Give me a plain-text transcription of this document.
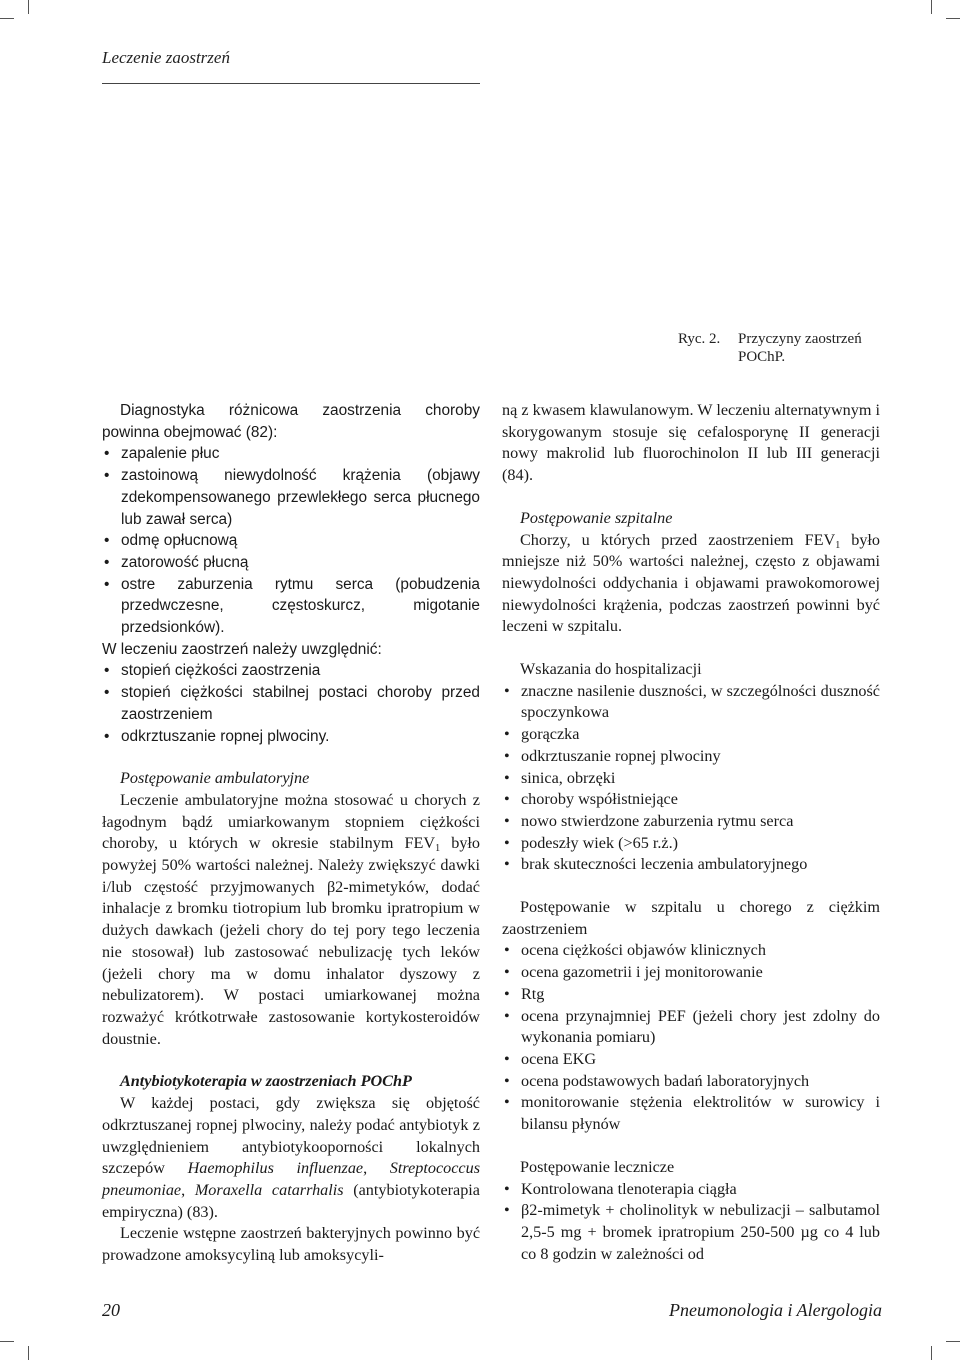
Leczenie zaostrzeń
Ryc. 2. Przyczyny zaostrzeń
POChP.

Diagnostyka różnicowa zaostrzenia choroby powinna obejmować (82):

• zapalenie płuc
• zastoinową niewydolność krążenia (objawy zdekompensowanego przewlekłego serca płucnego lub zawał serca)
• odmę opłucnową
• zatorowość płucną
• ostre zaburzenia rytmu serca (pobudzenia przedwczesne, częstoskurcz, migotanie przedsionków).

W leczeniu zaostrzeń należy uwzględnić:

• stopień ciężkości zaostrzenia
• stopień ciężkości stabilnej postaci choroby przed zaostrzeniem
• odkrztuszanie ropnej plwociny.

Postępowanie ambulatoryjne

Leczenie ambulatoryjne można stosować u chorych z łagodnym bądź umiarkowanym stopniem ciężkości choroby, u których w okresie stabilnym $FEV_1$ było powyżej 50% wartości należnej. Należy zwiększyć dawki i/lub częstość przyjmowanych β2-mimetyków, dodać inhalacje z bromku tiotropium lub bromku ipratropium w dużych dawkach (jeżeli chory do tej pory tego leczenia nie stosował) lub zastosować nebulizację tych leków (jeżeli chory ma w domu inhalator dyszowy z nebulizatorem). W postaci umiarkowanej można rozważyć krótkotrwałe zastosowanie kortykosteroidów doustnie.

Antybiotykoterapia w zaostrzeniach POChP

W każdej postaci, gdy zwiększa się objętość odkrztuszanej ropnej plwociny, należy podać antybiotyk z uwzględnieniem antybiotykooporności lokalnych szczepów Haemophilus influenzae, Streptococcus pneumoniae, Moraxella catarrhalis (antybiotykoterapia empiryczna) (83).

Leczenie wstępne zaostrzeń bakteryjnych powinno być prowadzone amoksycyliną lub amoksycyli-

ną z kwasem klawulanowym. W leczeniu alternatywnym i skorygowanym stosuje się cefalosporynę II generacji nowy makrolid lub fluorochinolon II lub III generacji (84).

Postępowanie szpitalne

Chorzy, u których przed zaostrzeniem $FEV_1$ było mniejsze niż 50% wartości należnej, często z objawami niewydolności oddychania i objawami prawokomorowej niewydolności krążenia, podczas zaostrzeń powinni być leczeni w szpitalu.

Wskazania do hospitalizacji

• znaczne nasilenie duszności, w szczególności duszność spoczynkowa
• gorączka
• odkrztuszanie ropnej plwociny
• sinica, obrzęki
• choroby współistniejące
• nowo stwierdzone zaburzenia rytmu serca
• podeszły wiek (>65 r.ż.)
• brak skuteczności leczenia ambulatoryjnego

Postępowanie w szpitalu u chorego z ciężkim zaostrzeniem

• ocena ciężkości objawów klinicznych
• ocena gazometrii i jej monitorowanie
• Rtg
• ocena przynajmniej PEF (jeżeli chory jest zdolny do wykonania pomiaru)
• ocena EKG
• ocena podstawowych badań laboratoryjnych
• monitorowanie stężenia elektrolitów w surowicy i bilansu płynów

Postępowanie lecznicze

• Kontrolowana tlenoterapia ciągła
• β2-mimetyk + cholinolityk w nebulizacji – salbutamol 2,5-5 mg + bromek ipratropium 250-500 µg co 4 lub co 8 godzin w zależności od
20	Pneumonologia i Alergologia
